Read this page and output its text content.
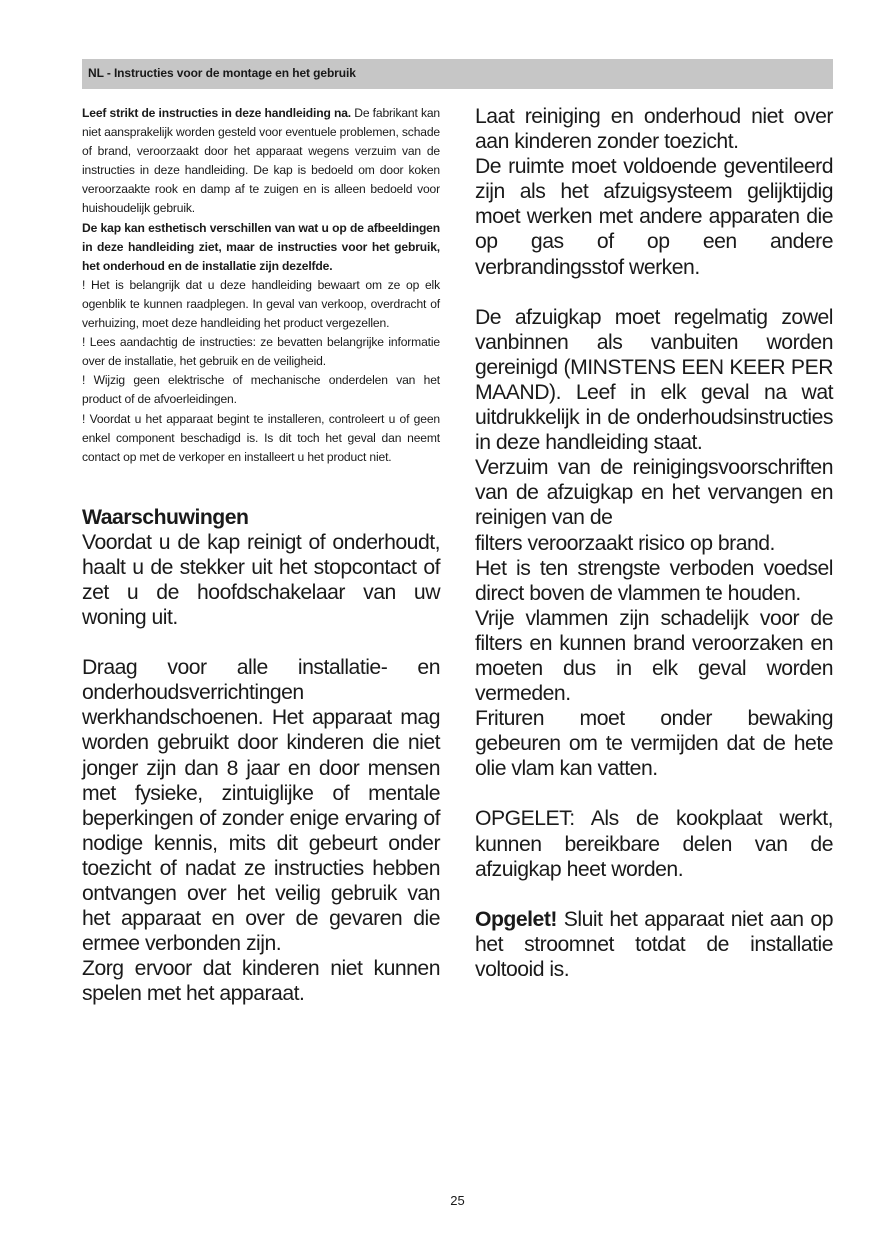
NL - Instructies voor de montage en het gebruik

Leef strikt de instructies in deze handleiding na. De fabrikant kan niet aansprakelijk worden gesteld voor eventuele problemen, schade of brand, veroorzaakt door het apparaat wegens verzuim van de instructies in deze handleiding. De kap is bedoeld om door koken veroorzaakte rook en damp af te zuigen en is alleen bedoeld voor huishoudelijk gebruik.

De kap kan esthetisch verschillen van wat u op de afbeeldingen in deze handleiding ziet, maar de instructies voor het gebruik, het onderhoud en de installatie zijn dezelfde.

! Het is belangrijk dat u deze handleiding bewaart om ze op elk ogenblik te kunnen raadplegen. In geval van verkoop, overdracht of verhuizing, moet deze handleiding het product vergezellen.

! Lees aandachtig de instructies: ze bevatten belangrijke informatie over de installatie, het gebruik en de veiligheid.

! Wijzig geen elektrische of mechanische onderdelen van het product of de afvoerleidingen.

! Voordat u het apparaat begint te installeren, controleert u of geen enkel component beschadigd is. Is dit toch het geval dan neemt contact op met de verkoper en installeert u het product niet.

Waarschuwingen

Voordat u de kap reinigt of onderhoudt, haalt u de stekker uit het stopcontact of zet u de hoofdschakelaar van uw woning uit.

Draag voor alle installatie- en onderhoudsverrichtingen werkhandschoenen. Het apparaat mag worden gebruikt door kinderen die niet jonger zijn dan 8 jaar en door mensen met fysieke, zintuiglijke of mentale beperkingen of zonder enige ervaring of nodige kennis, mits dit gebeurt onder toezicht of nadat ze instructies hebben ontvangen over het veilig gebruik van het apparaat en over de gevaren die ermee verbonden zijn.

Zorg ervoor dat kinderen niet kunnen spelen met het apparaat.

Laat reiniging en onderhoud niet over aan kinderen zonder toezicht.

De ruimte moet voldoende geventileerd zijn als het afzuigsysteem gelijktijdig moet werken met andere apparaten die op gas of op een andere verbrandingsstof werken.

De afzuigkap moet regelmatig zowel vanbinnen als vanbuiten worden gereinigd (MINSTENS EEN KEER PER MAAND). Leef in elk geval na wat uitdrukkelijk in de onderhoudsinstructies in deze handleiding staat.

Verzuim van de reinigingsvoorschriften van de afzuigkap en het vervangen en reinigen van de

filters veroorzaakt risico op brand.

Het is ten strengste verboden voedsel direct boven de vlammen te houden.

Vrije vlammen zijn schadelijk voor de filters en kunnen brand veroorzaken en moeten dus in elk geval worden vermeden.

Frituren moet onder bewaking gebeuren om te vermijden dat de hete olie vlam kan vatten.

OPGELET: Als de kookplaat werkt, kunnen bereikbare delen van de afzuigkap heet worden.

Opgelet! Sluit het apparaat niet aan op het stroomnet totdat de installatie voltooid is.

25
